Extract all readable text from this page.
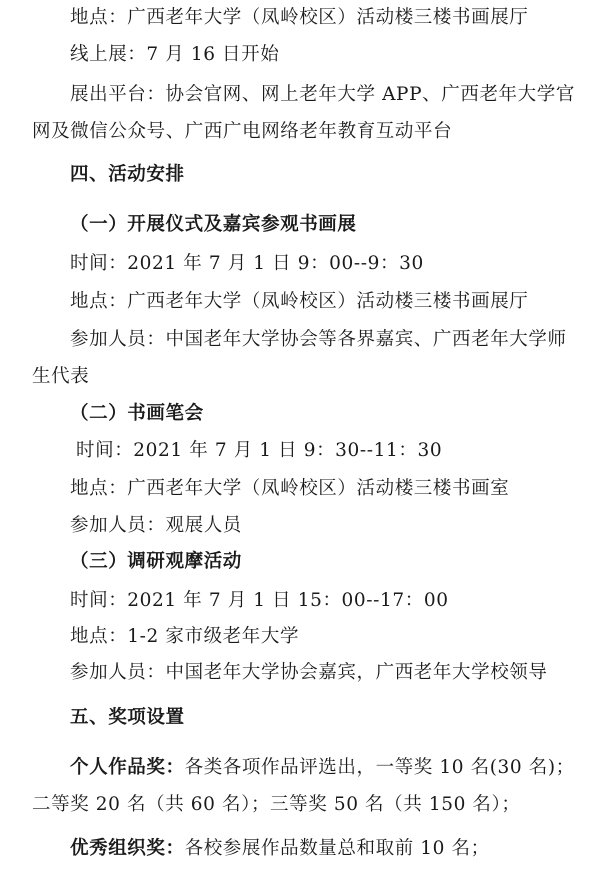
地点：广西老年大学（凤岭校区）活动楼三楼书画展厅
线上展：7 月 16 日开始
展出平台：协会官网、网上老年大学 APP、广西老年大学官
网及微信公众号、广西广电网络老年教育互动平台
四、活动安排
（一）开展仪式及嘉宾参观书画展
时间：2021 年 7 月 1 日 9：00--9：30
地点：广西老年大学（凤岭校区）活动楼三楼书画展厅
参加人员：中国老年大学协会等各界嘉宾、广西老年大学师
生代表
（二）书画笔会
时间：2021 年 7 月 1 日 9：30--11：30
地点：广西老年大学（凤岭校区）活动楼三楼书画室
参加人员：观展人员
（三）调研观摩活动
时间：2021 年 7 月 1 日 15：00--17：00
地点：1-2 家市级老年大学
参加人员：中国老年大学协会嘉宾，广西老年大学校领导
五、奖项设置
个人作品奖：各类各项作品评选出，一等奖 10 名(30 名)；
二等奖 20 名（共 60 名）；三等奖 50 名（共 150 名）；
优秀组织奖：各校参展作品数量总和取前 10 名；
